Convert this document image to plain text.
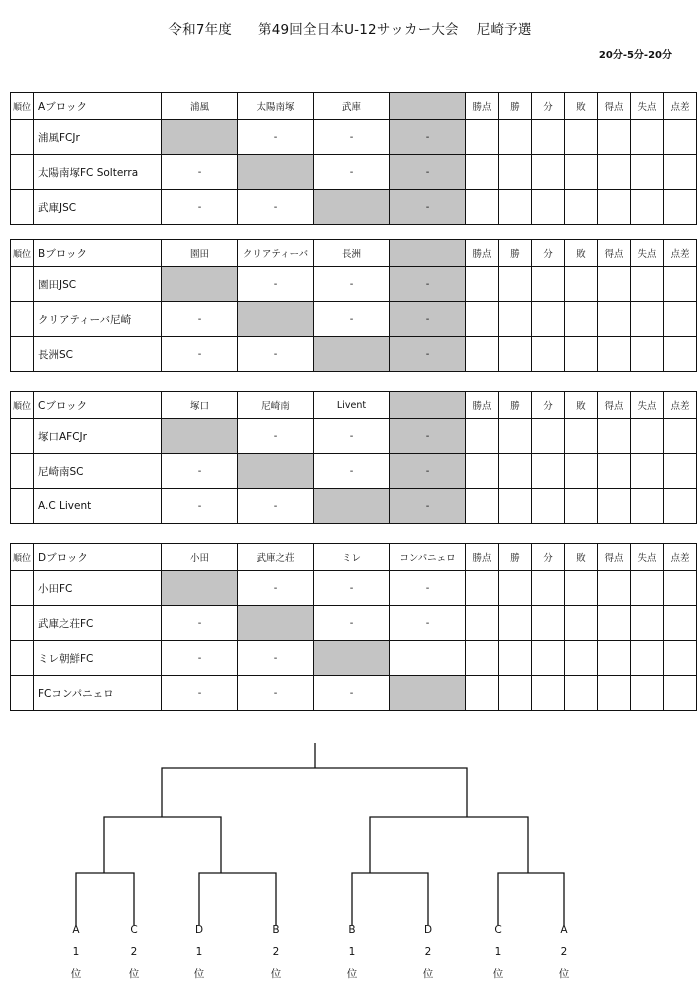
令和7年度 第49回全日本U-12サッカー大会 尼崎予選
20分-5分-20分
順位	Aブロック	浦風	太陽南塚	武庫		勝点	勝	分	敗	得点	失点	点差
	浦風FCJr		-	-	-							
	太陽南塚FC Solterra	-		-	-							
	武庫JSC	-	-		-							
順位	Bブロック	園田	クリアティーバ	長洲		勝点	勝	分	敗	得点	失点	点差
	園田JSC		-	-	-							
	クリアティーバ尼崎	-		-	-							
	長洲SC	-	-		-							
順位	Cブロック	塚口	尼崎南	Livent		勝点	勝	分	敗	得点	失点	点差
	塚口AFCJr		-	-	-							
	尼崎南SC	-		-	-							
	A.C Livent	-	-		-							
順位	Dブロック	小田	武庫之荘	ミレ	コンパニェロ	勝点	勝	分	敗	得点	失点	点差
	小田FC		-	-	-							
	武庫之荘FC	-		-	-							
	ミレ朝鮮FC	-	-									
	FCコンパニェロ	-	-	-								
A
1
位
C
2
位
D
1
位
B
2
位
B
1
位
D
2
位
C
1
位
A
2
位
